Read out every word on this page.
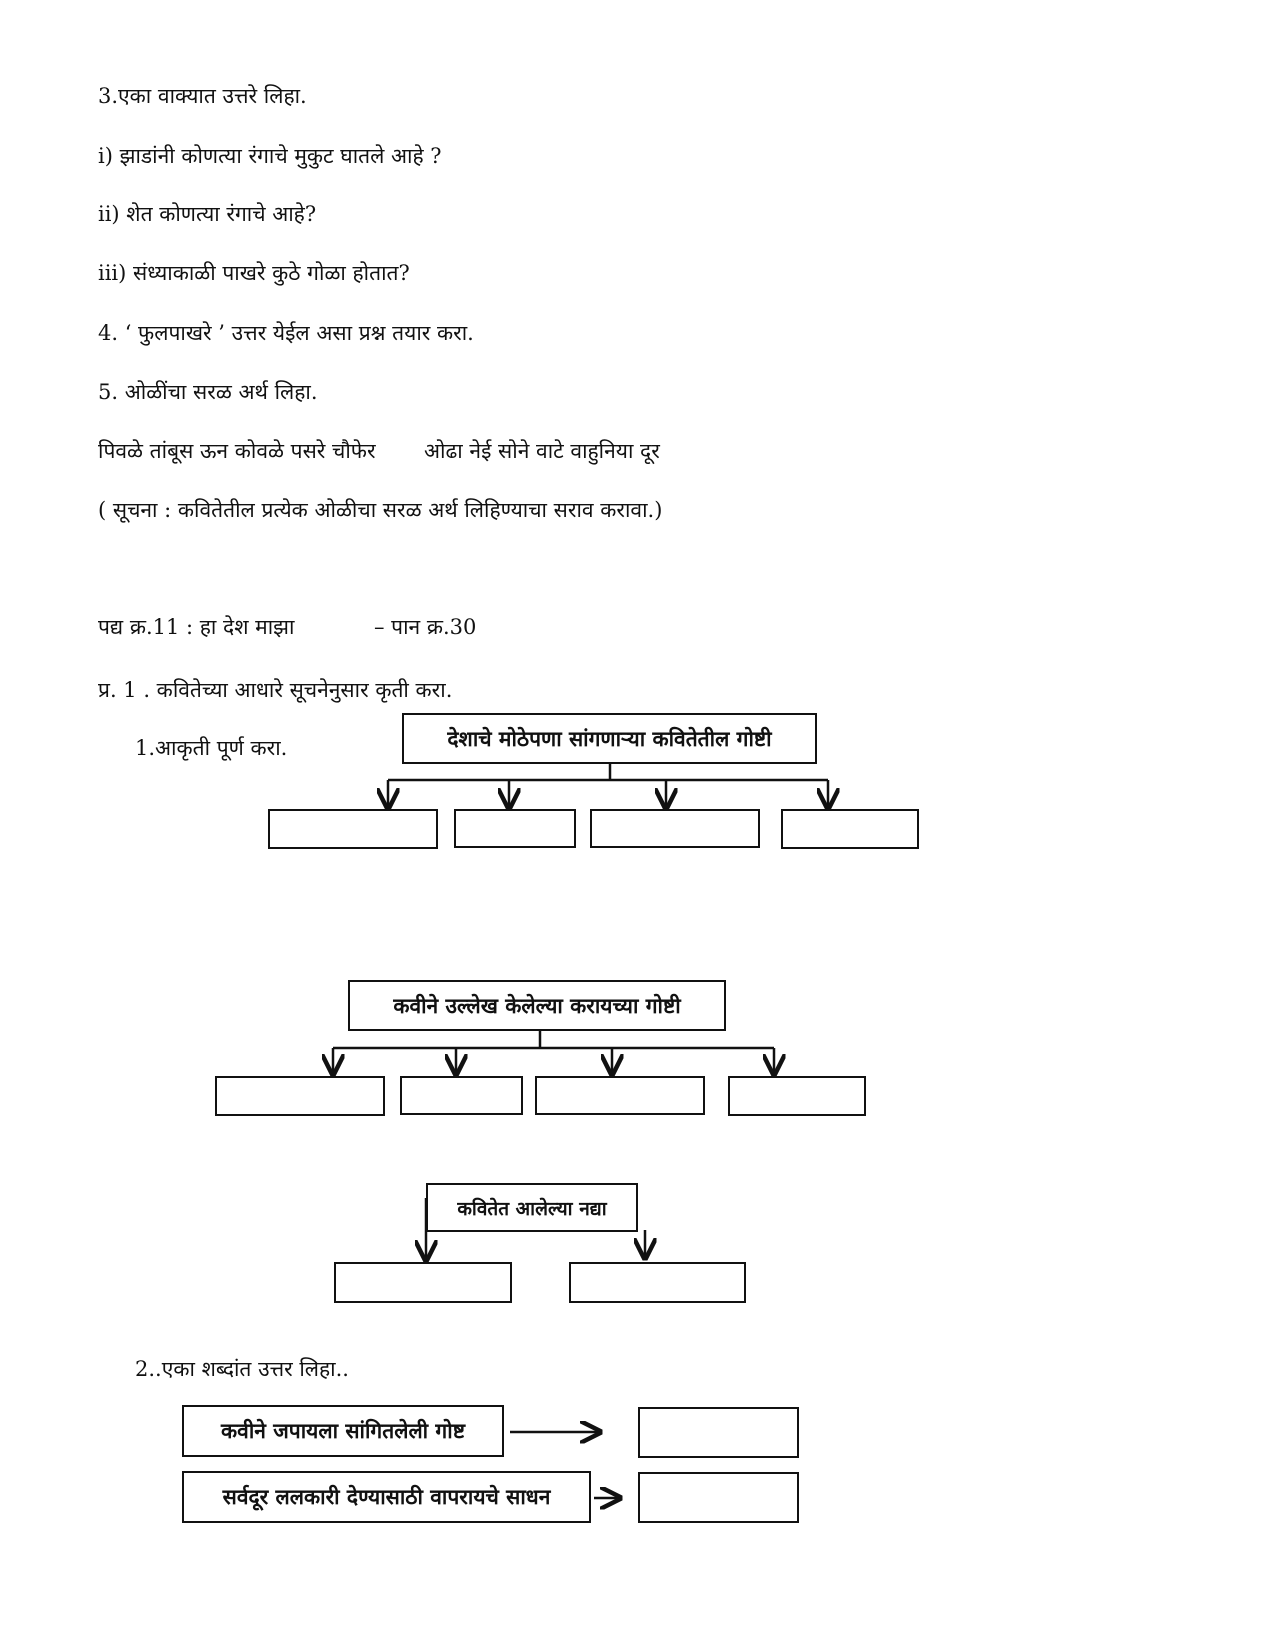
3.एका वाक्यात उत्तरे लिहा.
i) झाडांनी कोणत्या रंगाचे मुकुट घातले आहे ?
ii) शेत कोणत्या रंगाचे आहे?
iii) संध्याकाळी पाखरे कुठे गोळा होतात?
4. ‘ फुलपाखरे ’ उत्तर येईल असा प्रश्न तयार करा.
5. ओळींचा सरळ अर्थ लिहा.
पिवळे तांबूस ऊन कोवळे पसरे चौफेर ओढा नेई सोने वाटे वाहुनिया दूर
( सूचना : कवितेतील प्रत्येक ओळीचा सरळ अर्थ लिहिण्याचा सराव करावा.)
पद्य क्र.11 : हा देश माझा	– पान क्र.30
प्र. 1 . कवितेच्या आधारे सूचनेनुसार कृती करा.
1.आकृती पूर्ण करा.	देशाचे मोठेपणा सांगणाऱ्या कवितेतील गोष्टी
कवीने उल्लेख केलेल्या करायच्या गोष्टी
कवितेत आलेल्या नद्या
2..एका शब्दांत उत्तर लिहा..
कवीने जपायला सांगितलेली गोष्ट
सर्वदूर ललकारी देण्यासाठी वापरायचे साधन
